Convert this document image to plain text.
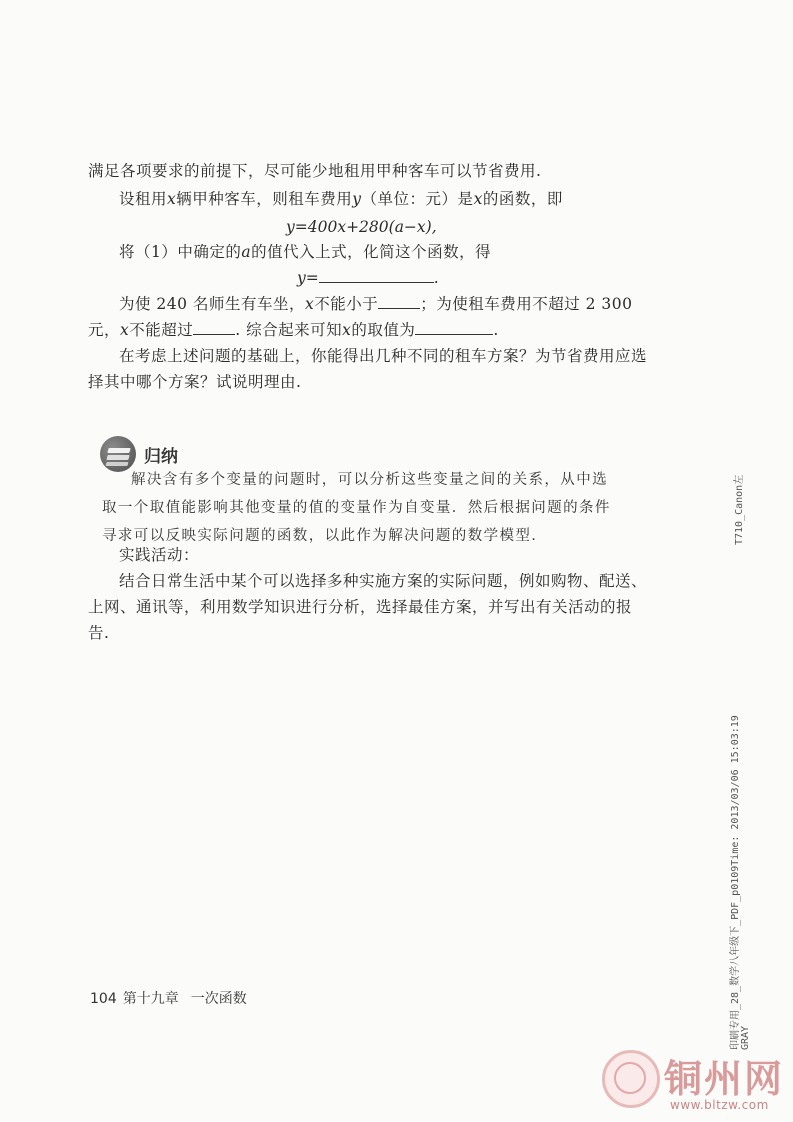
满足各项要求的前提下，尽可能少地租用甲种客车可以节省费用.
设租用x辆甲种客车，则租车费用y（单位：元）是x的函数，即
y=400x+280(a−x),
将（1）中确定的a的值代入上式，化简这个函数，得
y=	.
为使 240 名师生有车坐，x不能小于	；为使租车费用不超过 2 300
元，x不能超过	. 综合起来可知x的取值为	.
在考虑上述问题的基础上，你能得出几种不同的租车方案？为节省费用应选择其中哪个方案？试说明理由.
归纳
解决含有多个变量的问题时，可以分析这些变量之间的关系，从中选取一个取值能影响其他变量的值的变量作为自变量．然后根据问题的条件寻求可以反映实际问题的函数，以此作为解决问题的数学模型.
实践活动：
结合日常生活中某个可以选择多种实施方案的实际问题，例如购物、配送、上网、通讯等，利用数学知识进行分析，选择最佳方案，并写出有关活动的报告.
104 第十九章 一次函数
T710_Canon左
印刷专用_28_数学八年级下_PDF_p0109Time: 2013/03/06 15:03:19 GRAY
铜州网
www.bltzw.com
